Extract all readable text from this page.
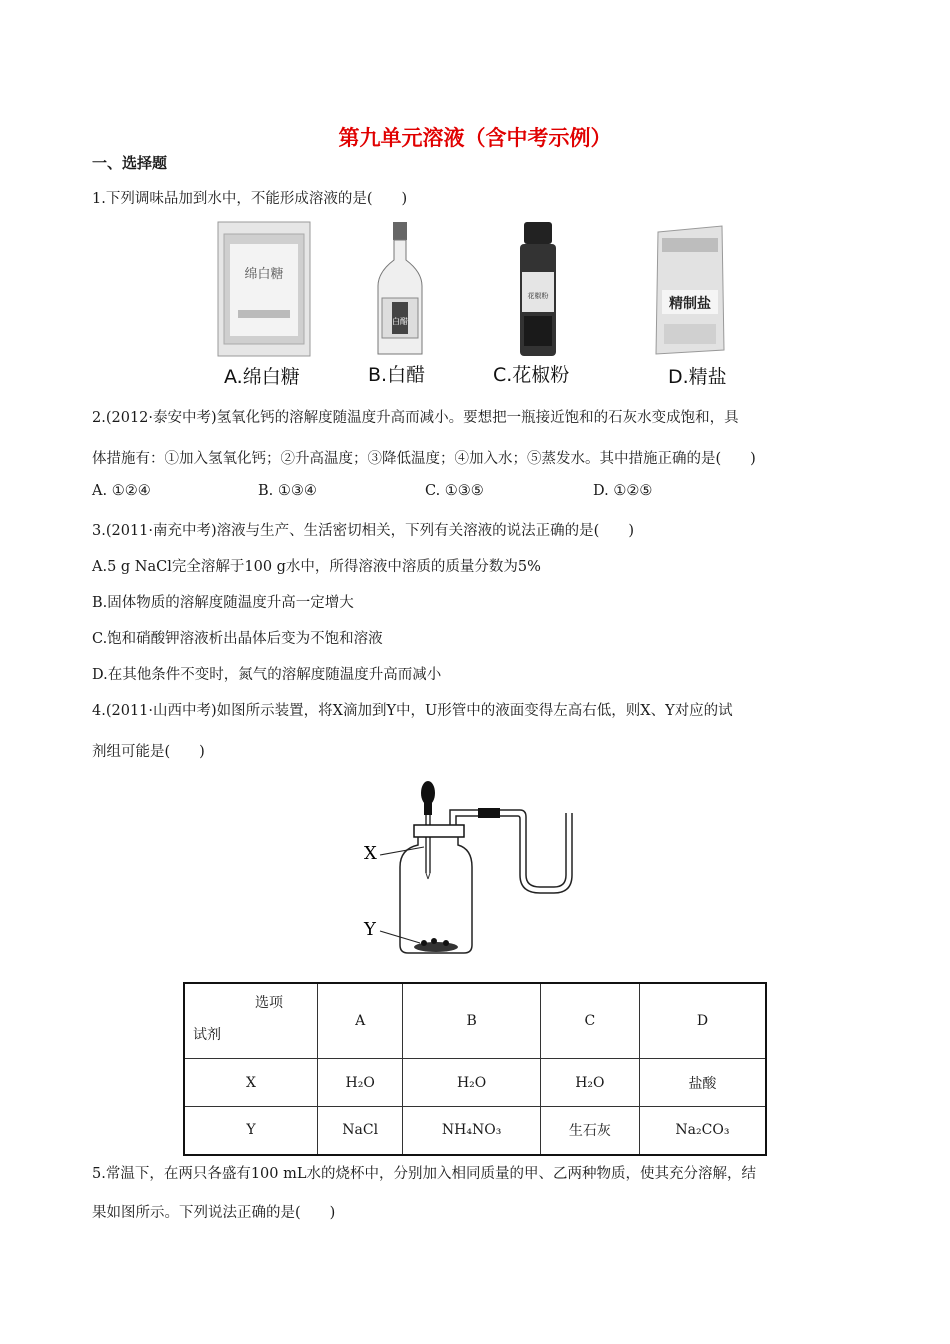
第九单元溶液（含中考示例）
一、选择题
1.下列调味品加到水中，不能形成溶液的是(　　)
绵白糖
白醋
花椒粉	精制盐
A.绵白糖	B.白醋	C.花椒粉	D.精盐
2.(2012·泰安中考)氢氧化钙的溶解度随温度升高而减小。要想把一瓶接近饱和的石灰水变成饱和，具
体措施有：①加入氢氧化钙；②升高温度；③降低温度；④加入水；⑤蒸发水。其中措施正确的是(　　)
A. ①②④	B. ①③④	C. ①③⑤	D. ①②⑤
3.(2011·南充中考)溶液与生产、生活密切相关，下列有关溶液的说法正确的是(　　)
A.5 g NaCl完全溶解于100 g水中，所得溶液中溶质的质量分数为5%
B.固体物质的溶解度随温度升高一定增大
C.饱和硝酸钾溶液析出晶体后变为不饱和溶液
D.在其他条件不变时，氮气的溶解度随温度升高而减小
4.(2011·山西中考)如图所示装置，将X滴加到Y中，U形管中的液面变得左高右低，则X、Y对应的试
剂组可能是(　　)
X
Y
选项
试剂	A	B	C	D
X	H₂O	H₂O	H₂O	盐酸
Y	NaCl	NH₄NO₃	生石灰	Na₂CO₃
5.常温下，在两只各盛有100 mL水的烧杯中，分别加入相同质量的甲、乙两种物质，使其充分溶解，结
果如图所示。下列说法正确的是(　　)
